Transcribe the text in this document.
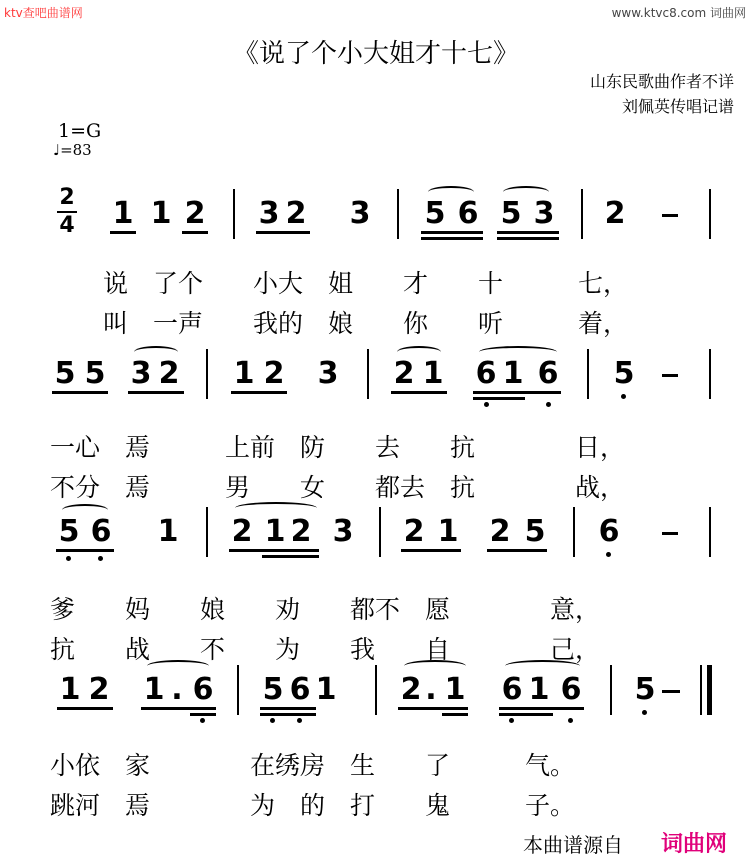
ktv查吧曲谱网	www.ktvc8.com 词曲网
《说了个小大姐才十七》
山东民歌曲作者不详
刘佩英传唱记谱
1=G
♩=83
2
4 1 1 2 3 2 3 5 6 5 3 2
说　了个　　小大　姐　　才　　十　　　七，
叫　一声　　我的　娘　　你　　听　　　着，
5 5 3 2 1 2 3 2 1 6 1 6 5
一心　焉　　　上前　防　　去　　抗　　　　日，
不分　焉　　　男　　女　　都去　抗　　　　战，
5 6 1 2 1 2 3 2 1 2 5 6
爹　　妈　　娘　　劝　　都不　愿　　　　意，
抗　　战　　不　　为　　我　　自　　　　己，
1 2 1 . 6 5 6 1 2 . 1 6 1 6 5
小依　家　　　　在绣房　生　　了　　　气。
跳河　焉　　　　为　的　打　　鬼　　　子。
本曲谱源自 词曲网
